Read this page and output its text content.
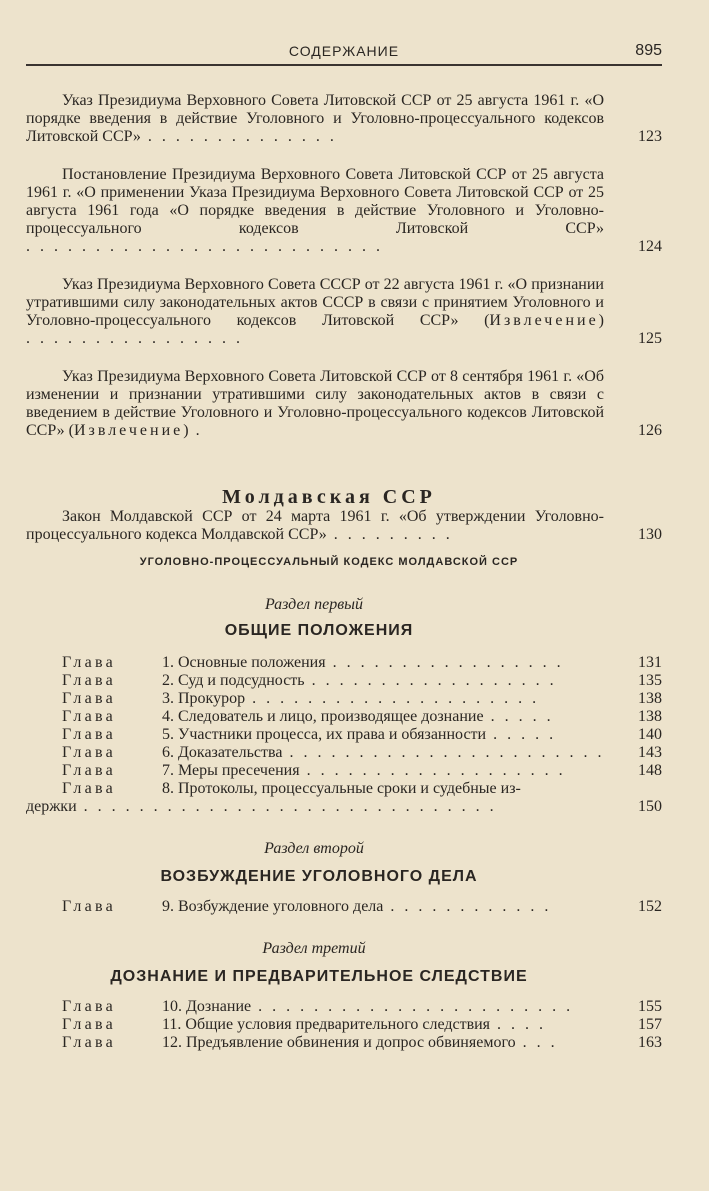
СОДЕРЖАНИЕ	895
Указ Президиума Верховного Совета Литовской ССР от 25 августа 1961 г. «О порядке введения в действие Уголовного и Уголовно-процессуального кодексов Литовской ССР» . . . . . . . . . . . . . .	123
Постановление Президиума Верховного Совета Литовской ССР от 25 августа 1961 г. «О применении Указа Президиума Верховного Совета Литовской ССР от 25 августа 1961 года «О порядке введения в действие Уголовного и Уголовно-процессуального кодексов Литовской ССР» . . . . . . . . . . . . . . . . . . . . . . . . . .	124
Указ Президиума Верховного Совета СССР от 22 августа 1961 г. «О признании утратившими силу законодательных актов СССР в связи с принятием Уголовного и Уголовно-процессуального кодексов Литовской ССР» (Извлечение) . . . . . . . . . . . . . . . .	125
Указ Президиума Верховного Совета Литовской ССР от 8 сентября 1961 г. «Об изменении и признании утратившими силу законодательных актов в связи с введением в действие Уголовного и Уголовно-процессуального кодексов Литовской ССР» (Извлечение) .	126
Молдавская ССР
Закон Молдавской ССР от 24 марта 1961 г. «Об утверждении Уголовно-процессуального кодекса Молдавской ССР» . . . . . . . . .	130
УГОЛОВНО-ПРОЦЕССУАЛЬНЫЙ КОДЕКС МОЛДАВСКОЙ ССР
Раздел первый
ОБЩИЕ ПОЛОЖЕНИЯ
Глава	1. Основные положения . . . . . . . . . . . . . . . . .	131
Глава	2. Суд и подсудность . . . . . . . . . . . . . . . . . .	135
Глава	3. Прокурор . . . . . . . . . . . . . . . . . . . . .	138
Глава	4. Следователь и лицо, производящее дознание . . . . .	138
Глава	5. Участники процесса, их права и обязанности . . . . .	140
Глава	6. Доказательства . . . . . . . . . . . . . . . . . . . . . . . 143
Глава	7. Меры пресечения . . . . . . . . . . . . . . . . . . .	148
Глава	8. Протоколы, процессуальные сроки и судебные из-
держки . . . . . . . . . . . . . . . . . . . . . . . . . . . . . .	150
Раздел второй
ВОЗБУЖДЕНИЕ УГОЛОВНОГО ДЕЛА
Глава	9. Возбуждение уголовного дела . . . . . . . . . . . .	152
Раздел третий
ДОЗНАНИЕ И ПРЕДВАРИТЕЛЬНОЕ СЛЕДСТВИЕ
Глава	10. Дознание . . . . . . . . . . . . . . . . . . . . . . .	155
Глава	11. Общие условия предварительного следствия . . . .	157
Глава	12. Предъявление обвинения и допрос обвиняемого . . .	163
